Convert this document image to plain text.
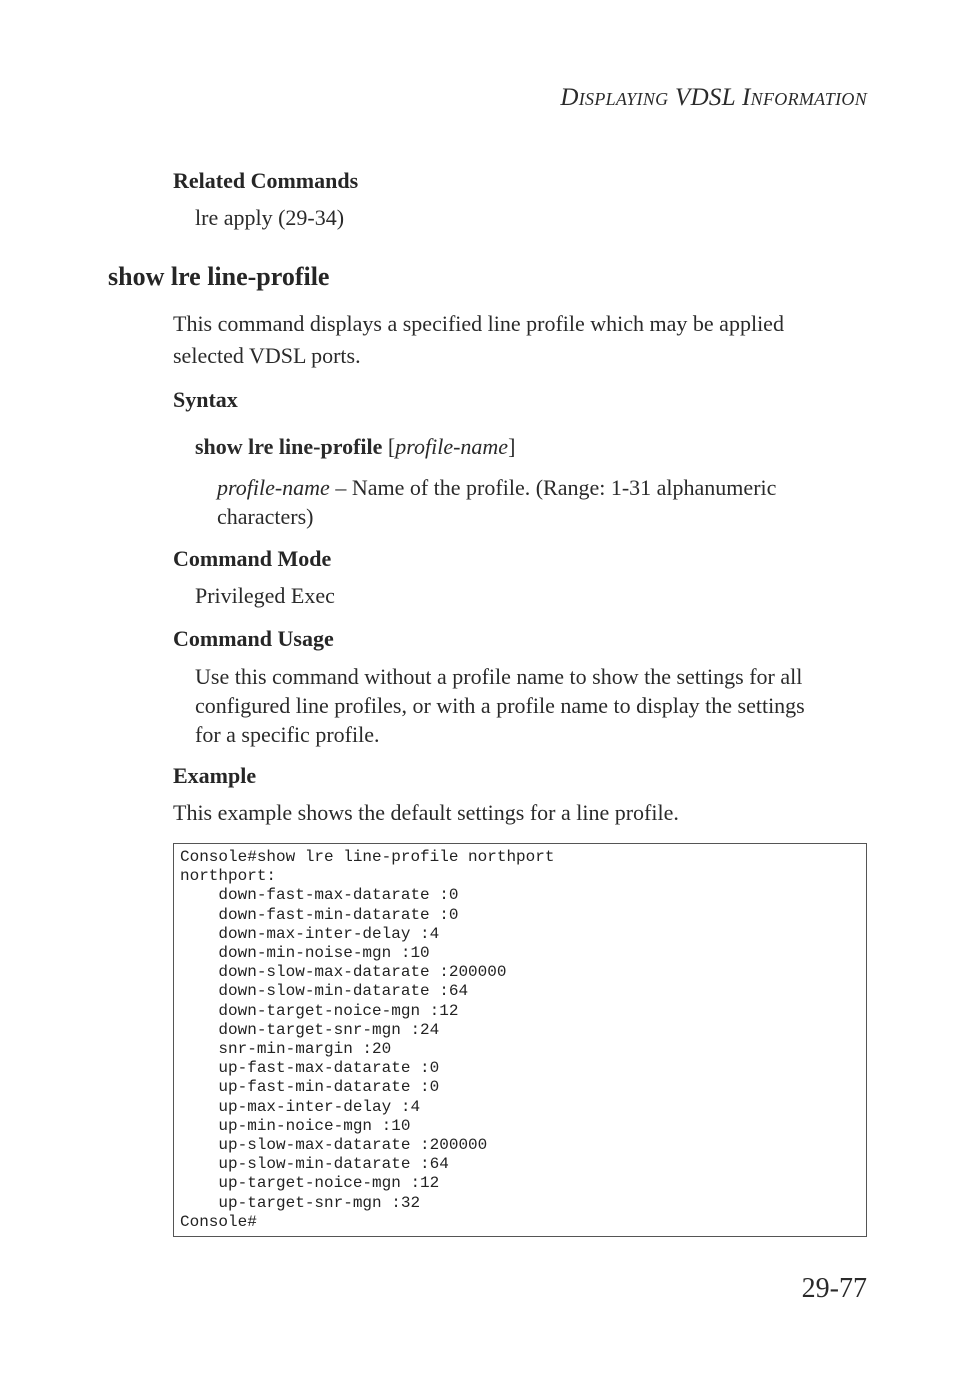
Displaying VDSL Information
Related Commands
lre apply (29-34)
show lre line-profile
This command displays a specified line profile which may be applied
selected VDSL ports.
Syntax
show lre line-profile [profile-name]
profile-name – Name of the profile. (Range: 1-31 alphanumeric
characters)
Command Mode
Privileged Exec
Command Usage
Use this command without a profile name to show the settings for all
configured line profiles, or with a profile name to display the settings
for a specific profile.
Example
This example shows the default settings for a line profile.
Console#show lre line-profile northport
northport:
down-fast-max-datarate :0
down-fast-min-datarate :0
down-max-inter-delay :4
down-min-noise-mgn :10
down-slow-max-datarate :200000
down-slow-min-datarate :64
down-target-noice-mgn :12
down-target-snr-mgn :24
snr-min-margin :20
up-fast-max-datarate :0
up-fast-min-datarate :0
up-max-inter-delay :4
up-min-noice-mgn :10
up-slow-max-datarate :200000
up-slow-min-datarate :64
up-target-noice-mgn :12
up-target-snr-mgn :32
Console#
29-77
